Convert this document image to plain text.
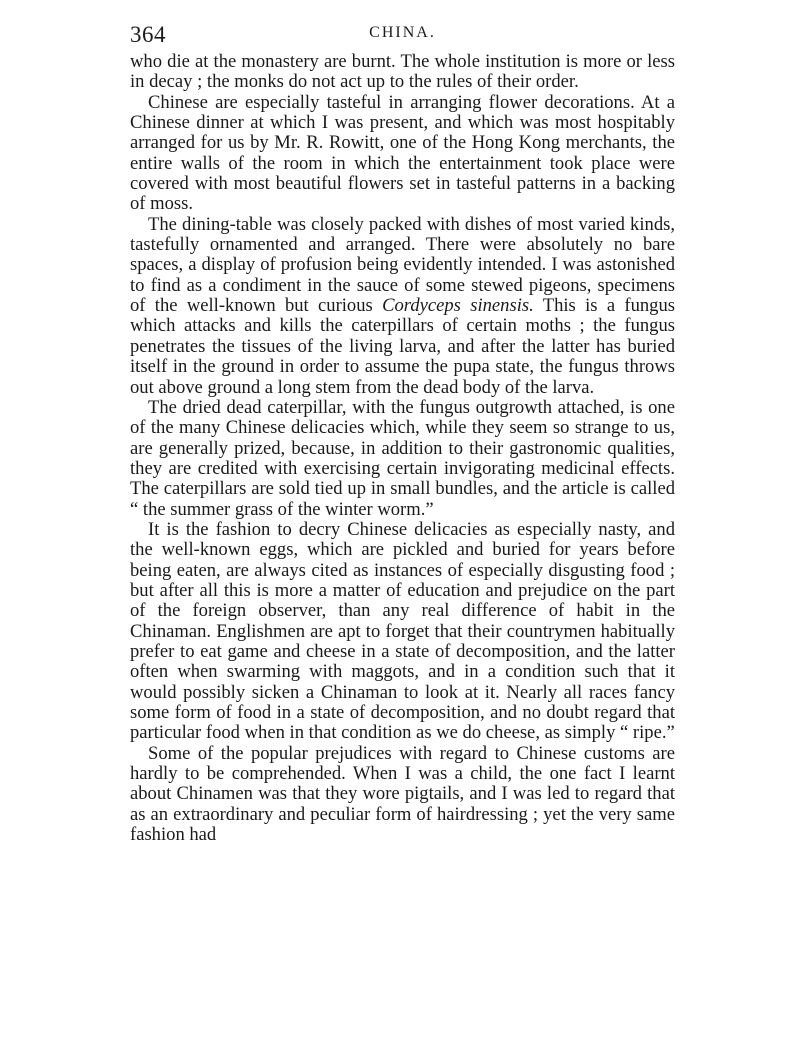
364	CHINA.

who die at the monastery are burnt. The whole institution is more or less in decay ; the monks do not act up to the rules of their order.

Chinese are especially tasteful in arranging flower decorations. At a Chinese dinner at which I was present, and which was most hospitably arranged for us by Mr. R. Rowitt, one of the Hong Kong merchants, the entire walls of the room in which the entertainment took place were covered with most beautiful flowers set in tasteful patterns in a backing of moss.

The dining-table was closely packed with dishes of most varied kinds, tastefully ornamented and arranged. There were absolutely no bare spaces, a display of profusion being evidently intended. I was astonished to find as a condiment in the sauce of some stewed pigeons, specimens of the well-known but curious Cordyceps sinensis. This is a fungus which attacks and kills the caterpillars of certain moths ; the fungus penetrates the tissues of the living larva, and after the latter has buried itself in the ground in order to assume the pupa state, the fungus throws out above ground a long stem from the dead body of the larva.

The dried dead caterpillar, with the fungus outgrowth attached, is one of the many Chinese delicacies which, while they seem so strange to us, are generally prized, because, in addition to their gastronomic qualities, they are credited with exercising certain invigorating medicinal effects. The caterpillars are sold tied up in small bundles, and the article is called “ the summer grass of the winter worm.”

It is the fashion to decry Chinese delicacies as especially nasty, and the well-known eggs, which are pickled and buried for years before being eaten, are always cited as instances of especially disgusting food ; but after all this is more a matter of education and prejudice on the part of the foreign observer, than any real difference of habit in the Chinaman. Englishmen are apt to forget that their countrymen habitually prefer to eat game and cheese in a state of decomposition, and the latter often when swarming with maggots, and in a condition such that it would possibly sicken a Chinaman to look at it. Nearly all races fancy some form of food in a state of decomposition, and no doubt regard that particular food when in that condition as we do cheese, as simply “ ripe.”

Some of the popular prejudices with regard to Chinese customs are hardly to be comprehended. When I was a child, the one fact I learnt about Chinamen was that they wore pigtails, and I was led to regard that as an extraordinary and peculiar form of hairdressing ; yet the very same fashion had
